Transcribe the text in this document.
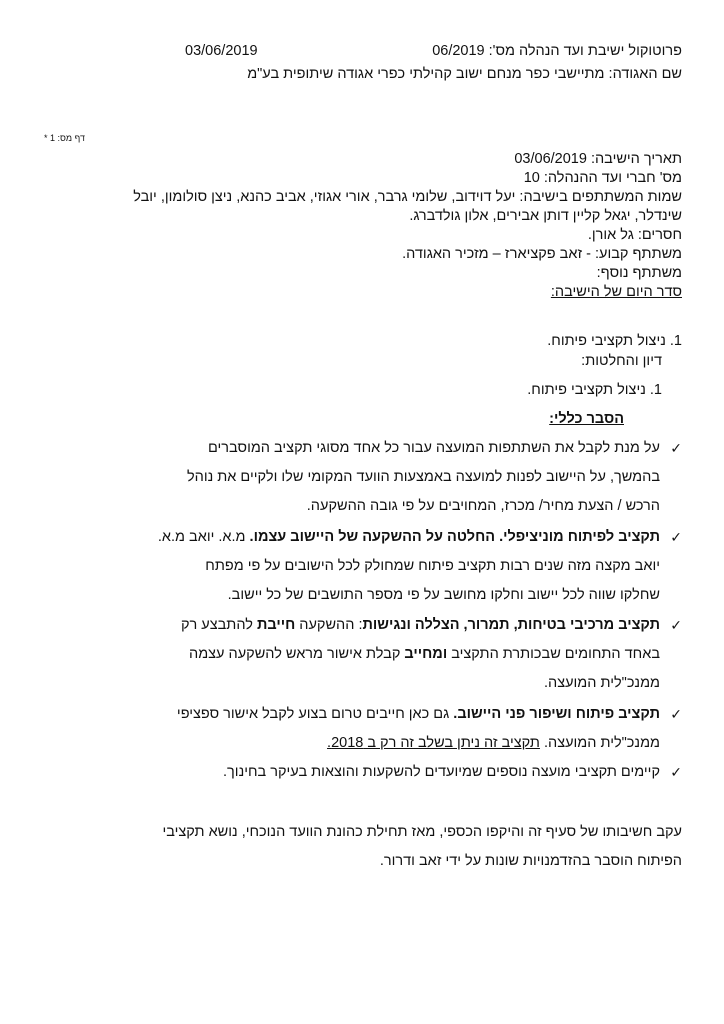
פרוטוקול ישיבת ועד הנהלה מס': 06/2019
03/06/2019
שם האגודה: מתיישבי כפר מנחם ישוב קהילתי כפרי אגודה שיתופית בע"מ
דף מס: 1 *
תאריך הישיבה: 03/06/2019
מס' חברי ועד ההנהלה: 10
שמות המשתתפים בישיבה: יעל דוידוב, שלומי גרבר, אורי אגוזי, אביב כהנא, ניצן סולומון, יובל
שינדלר, יגאל קליין דותן אבירים, אלון גולדברג.
חסרים: גל אורן.
משתתף קבוע: - זאב פקציארז – מזכיר האגודה.
משתתף נוסף:
סדר היום של הישיבה:
1. ניצול תקציבי פיתוח.
דיון והחלטות:
1. ניצול תקציבי פיתוח.
הסבר כללי:
✓
על מנת לקבל את השתתפות המועצה עבור כל אחד מסוגי תקציב המוסברים
בהמשך, על היישוב לפנות למועצה באמצעות הוועד המקומי שלו ולקיים את נוהל
הרכש / הצעת מחיר/ מכרז, המחויבים על פי גובה ההשקעה.
✓
תקציב לפיתוח מוניציפלי. החלטה על ההשקעה של היישוב עצמו. מ.א. יואב מ.א.
יואב מקצה מזה שנים רבות תקציב פיתוח שמחולק לכל הישובים על פי מפתח
שחלקו שווה לכל יישוב וחלקו מחושב על פי מספר התושבים של כל יישוב.
✓
תקציב מרכיבי בטיחות, תמרור, הצללה ונגישות: ההשקעה חייבת להתבצע רק
באחד התחומים שבכותרת התקציב ומחייב קבלת אישור מראש להשקעה עצמה
ממנכ"לית המועצה.
✓
תקציב פיתוח ושיפור פני היישוב. גם כאן חייבים טרום בצוע לקבל אישור ספציפי
ממנכ"לית המועצה. תקציב זה ניתן בשלב זה רק ב 2018.
✓
קיימים תקציבי מועצה נוספים שמיועדים להשקעות והוצאות בעיקר בחינוך.
עקב חשיבותו של סעיף זה והיקפו הכספי, מאז תחילת כהונת הוועד הנוכחי, נושא תקציבי
הפיתוח הוסבר בהזדמנויות שונות על ידי זאב ודרור.
